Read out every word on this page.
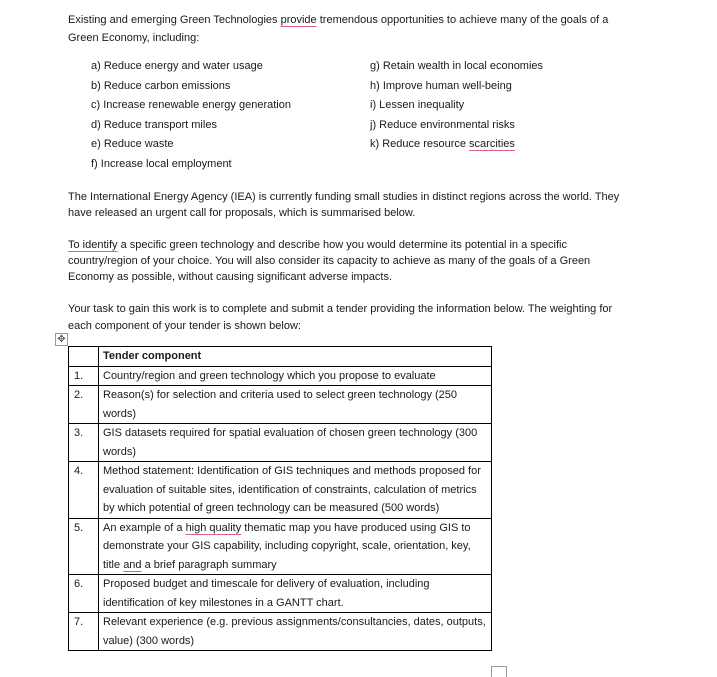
Existing and emerging Green Technologies provide tremendous opportunities to achieve many of the goals of a Green Economy, including:
a) Reduce energy and water usage
b) Reduce carbon emissions
c) Increase renewable energy generation
d) Reduce transport miles
e) Reduce waste
f) Increase local employment
g) Retain wealth in local economies
h) Improve human well-being
i) Lessen inequality
j) Reduce environmental risks
k) Reduce resource scarcities
The International Energy Agency (IEA) is currently funding small studies in distinct regions across the world. They have released an urgent call for proposals, which is summarised below.
To identify a specific green technology and describe how you would determine its potential in a specific country/region of your choice. You will also consider its capacity to achieve as many of the goals of a Green Economy as possible, without causing significant adverse impacts.
Your task to gain this work is to complete and submit a tender providing the information below. The weighting for each component of your tender is shown below:
✥
	Tender component
1.	Country/region and green technology which you propose to evaluate
2.	Reason(s) for selection and criteria used to select green technology (250 words)
3.	GIS datasets required for spatial evaluation of chosen green technology (300 words)
4.	Method statement: Identification of GIS techniques and methods proposed for evaluation of suitable sites, identification of constraints, calculation of metrics by which potential of green technology can be measured (500 words)
5.	An example of a high quality thematic map you have produced using GIS to demonstrate your GIS capability, including copyright, scale, orientation, key, title and a brief paragraph summary
6.	Proposed budget and timescale for delivery of evaluation, including identification of key milestones in a GANTT chart.
7.	Relevant experience (e.g. previous assignments/consultancies, dates, outputs, value) (300 words)
